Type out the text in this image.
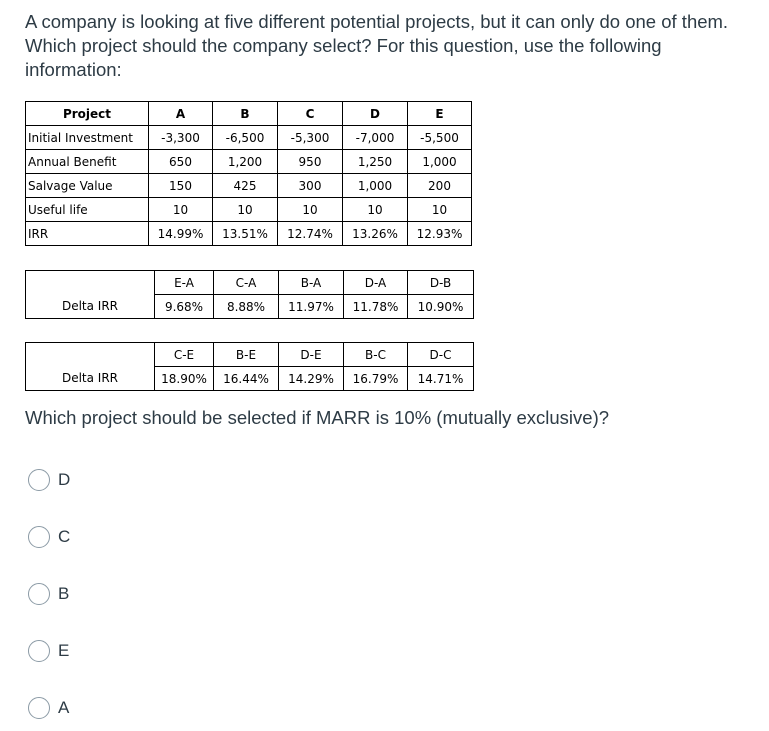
A company is looking at five different potential projects, but it can only do one of them. Which project should the company select? For this question, use the following information:
Project	A	B	C	D	E
Initial Investment	-3,300	-6,500	-5,300	-7,000	-5,500
Annual Benefit	650	1,200	950	1,250	1,000
Salvage Value	150	425	300	1,000	200
Useful life	10	10	10	10	10
IRR	14.99%	13.51%	12.74%	13.26%	12.93%
	E-A	C-A	B-A	D-A	D-B
Delta IRR	9.68%	8.88%	11.97%	11.78%	10.90%
	C-E	B-E	D-E	B-C	D-C
Delta IRR	18.90%	16.44%	14.29%	16.79%	14.71%
Which project should be selected if MARR is 10% (mutually exclusive)?
D
C
B
E
A
